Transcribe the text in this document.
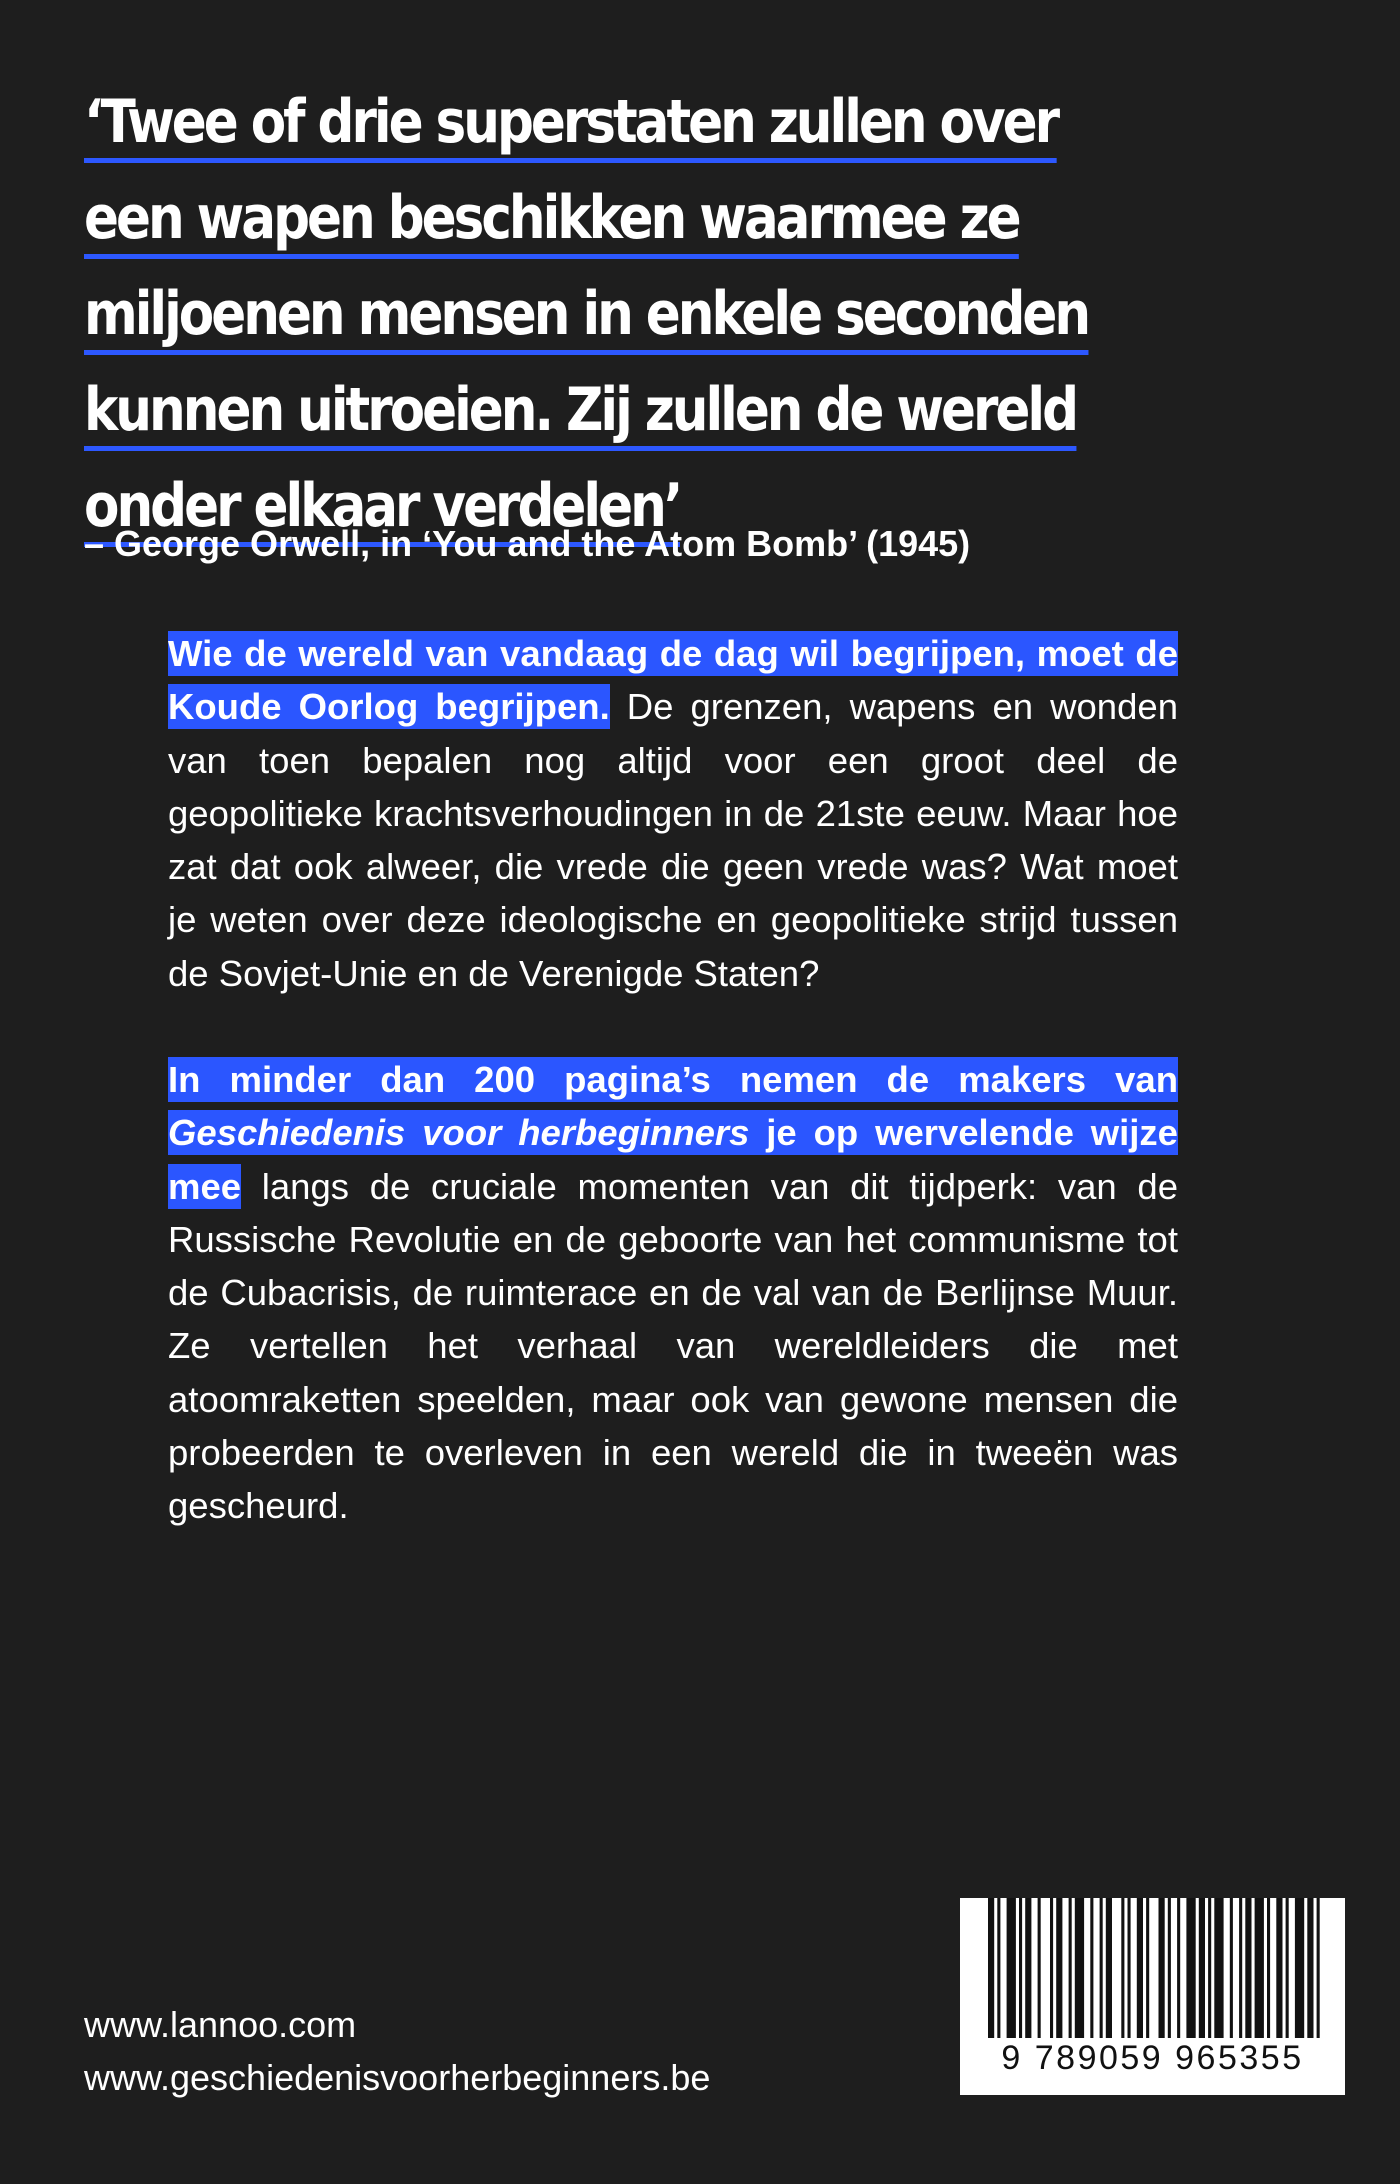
‘Twee of drie superstaten zullen over
een wapen beschikken waarmee ze
miljoenen mensen in enkele seconden
kunnen uitroeien. Zij zullen de wereld
onder elkaar verdelen’

– George Orwell, in ‘You and the Atom Bomb’ (1945)

Wie de wereld van vandaag de dag wil begrijpen, moet de Koude Oorlog begrijpen. De grenzen, wapens en wonden van toen bepalen nog altijd voor een groot deel de geopolitieke krachtsverhoudingen in de 21ste eeuw. Maar hoe zat dat ook alweer, die vrede die geen vrede was? Wat moet je weten over deze ideologische en geopolitieke strijd tussen de Sovjet-Unie en de Verenigde Staten?

In minder dan 200 pagina’s nemen de makers van Geschiedenis voor herbeginners je op wervelende wijze mee langs de cruciale momenten van dit tijdperk: van de Russische Revolutie en de geboorte van het communisme tot de Cubacrisis, de ruimterace en de val van de Berlijnse Muur. Ze vertellen het verhaal van wereldleiders die met atoomraketten speelden, maar ook van gewone mensen die probeerden te overleven in een wereld die in tweeën was gescheurd.

www.lannoo.com
www.geschiedenisvoorherbeginners.be	9 789059 965355
